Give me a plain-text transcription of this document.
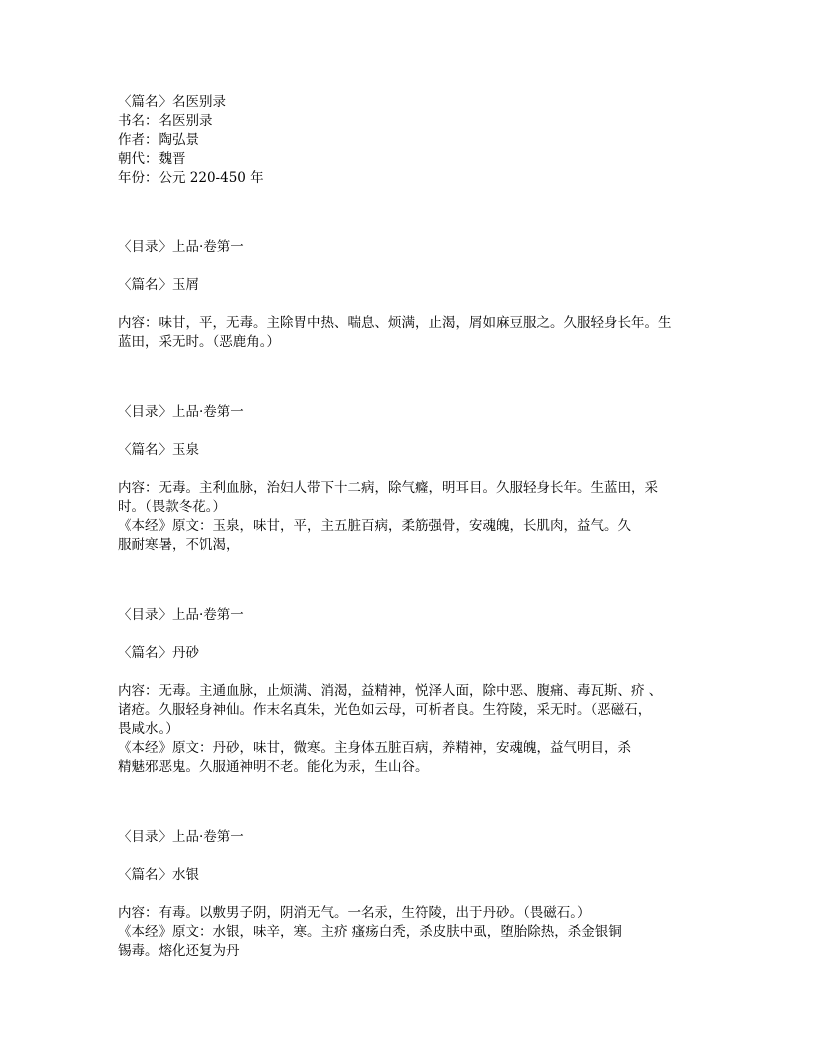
〈篇名〉名医别录
书名：名医别录
作者：陶弘景
朝代：魏晋
年份：公元 220-450 年
〈目录〉上品·卷第一
〈篇名〉玉屑
内容：味甘，平，无毒。主除胃中热、喘息、烦满，止渴，屑如麻豆服之。久服轻身长年。生
蓝田，采无时。（恶鹿角。）
〈目录〉上品·卷第一
〈篇名〉玉泉
内容：无毒。主利血脉，治妇人带下十二病，除气癃，明耳目。久服轻身长年。生蓝田，采
时。（畏款冬花。）
《本经》原文：玉泉，味甘，平，主五脏百病，柔筋强骨，安魂魄，长肌肉，益气。久
服耐寒暑，不饥渴，
〈目录〉上品·卷第一
〈篇名〉丹砂
内容：无毒。主通血脉，止烦满、消渴，益精神，悦泽人面，除中恶、腹痛、毒瓦斯、疥 、
诸疮。久服轻身神仙。作末名真朱，光色如云母，可析者良。生符陵，采无时。（恶磁石，
畏咸水。）
《本经》原文：丹砂，味甘，微寒。主身体五脏百病，养精神，安魂魄，益气明目，杀
精魅邪恶鬼。久服通神明不老。能化为汞，生山谷。
〈目录〉上品·卷第一
〈篇名〉水银
内容：有毒。以敷男子阴，阴消无气。一名汞，生符陵，出于丹砂。（畏磁石。）
《本经》原文：水银，味辛，寒。主疥 瘙疡白秃，杀皮肤中虱，堕胎除热，杀金银铜
锡毒。熔化还复为丹
